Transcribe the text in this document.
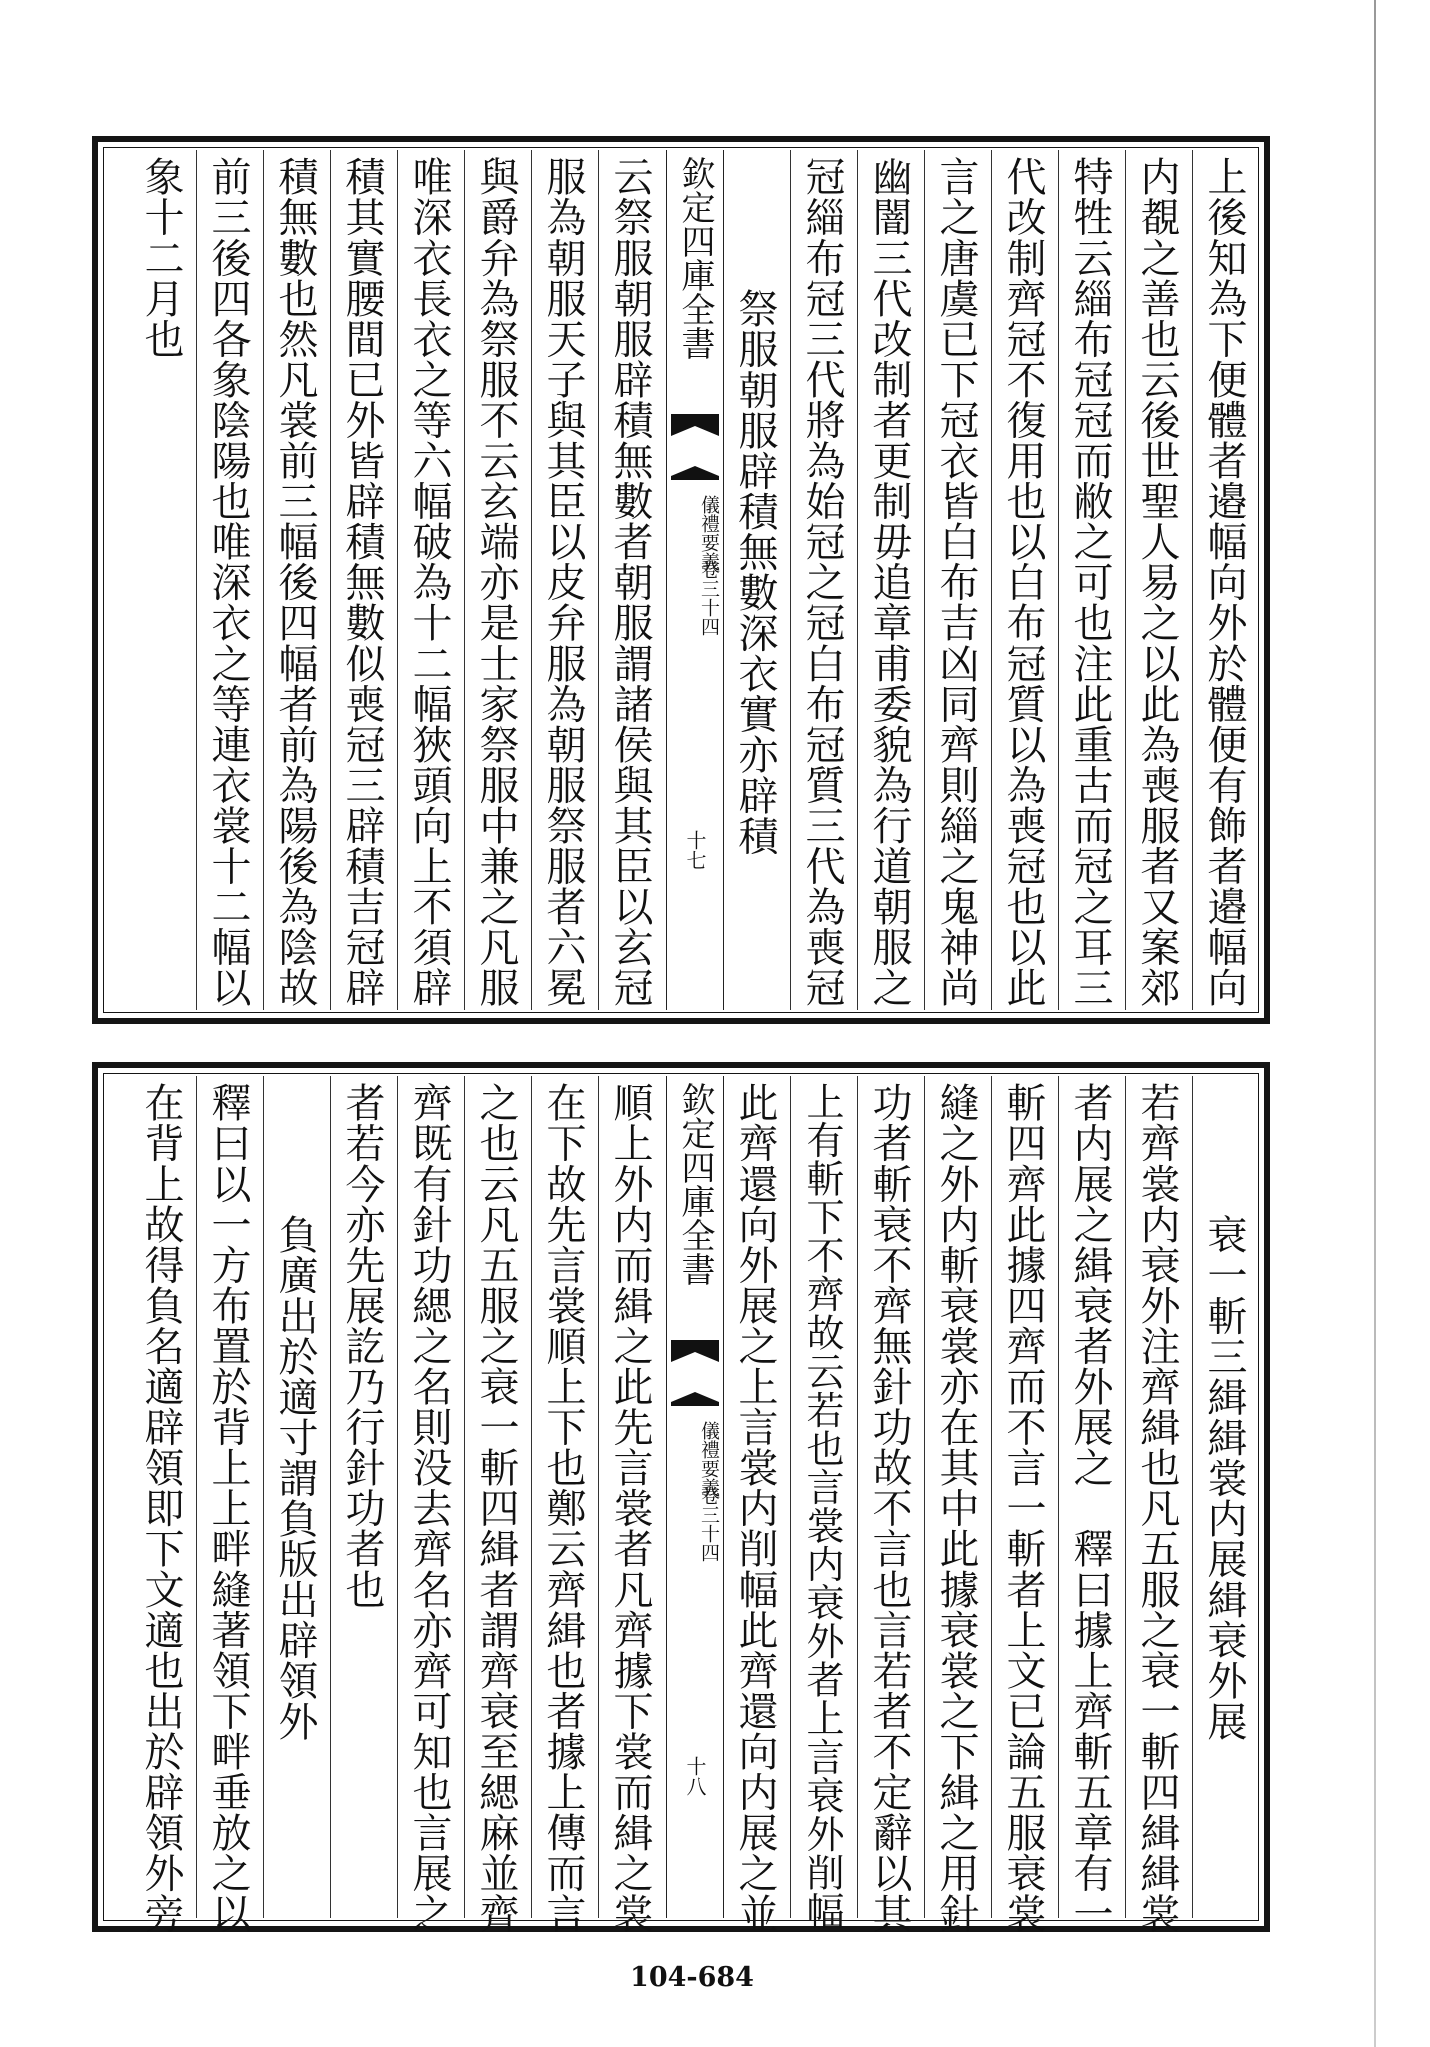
上後知為下便體者邉幅向外於體便有飾者邉幅向
内覩之善也云後世聖人易之以此為喪服者又案郊
特牲云緇布冠冠而敝之可也注此重古而冠之耳三
代改制齊冠不復用也以白布冠質以為喪冠也以此
言之唐虞已下冠衣皆白布吉凶同齊則緇之鬼神尚
幽闇三代改制者更制毋追章甫委貌為行道朝服之
冠緇布冠三代將為始冠之冠白布冠質三代為喪冠
祭服朝服辟積無數深衣實亦辟積
欽定四庫全書
儀禮要義
卷三十四
十七
云祭服朝服辟積無數者朝服謂諸侯與其臣以玄冠
服為朝服天子與其臣以皮弁服為朝服祭服者六冕
與爵弁為祭服不云玄端亦是士家祭服中兼之凡服
唯深衣長衣之等六幅破為十二幅狹頭向上不須辟
積其實腰間已外皆辟積無數似喪冠三辟積吉冠辟
積無數也然凡裳前三幅後四幅者前為陽後為陰故
前三後四各象陰陽也唯深衣之等連衣裳十二幅以
象十二月也
衰一斬三緝緝裳内展緝衰外展
若齊裳内衰外注齊緝也凡五服之衰一斬四緝緝裳
者内展之緝衰者外展之　釋曰據上齊斬五章有一
斬四齊此據四齊而不言一斬者上文已論五服衰裳
縫之外内斬衰裳亦在其中此據衰裳之下緝之用針
功者斬衰不齊無針功故不言也言若者不定辭以其
上有斬下不齊故云若也言裳内衰外者上言衰外削幅
此齊還向外展之上言裳内削幅此齊還向内展之並
欽定四庫全書
儀禮要義
卷三十四
十八
順上外内而緝之此先言裳者凡齊據下裳而緝之裳
在下故先言裳順上下也鄭云齊緝也者據上傳而言
之也云凡五服之衰一斬四緝者謂齊衰至緦麻並齊
齊既有針功緦之名則没去齊名亦齊可知也言展之
者若今亦先展訖乃行針功者也
負廣出於適寸謂負版出辟領外
釋曰以一方布置於背上上畔縫著領下畔垂放之以
在背上故得負名適辟領即下文適也出於辟領外旁
104-684
